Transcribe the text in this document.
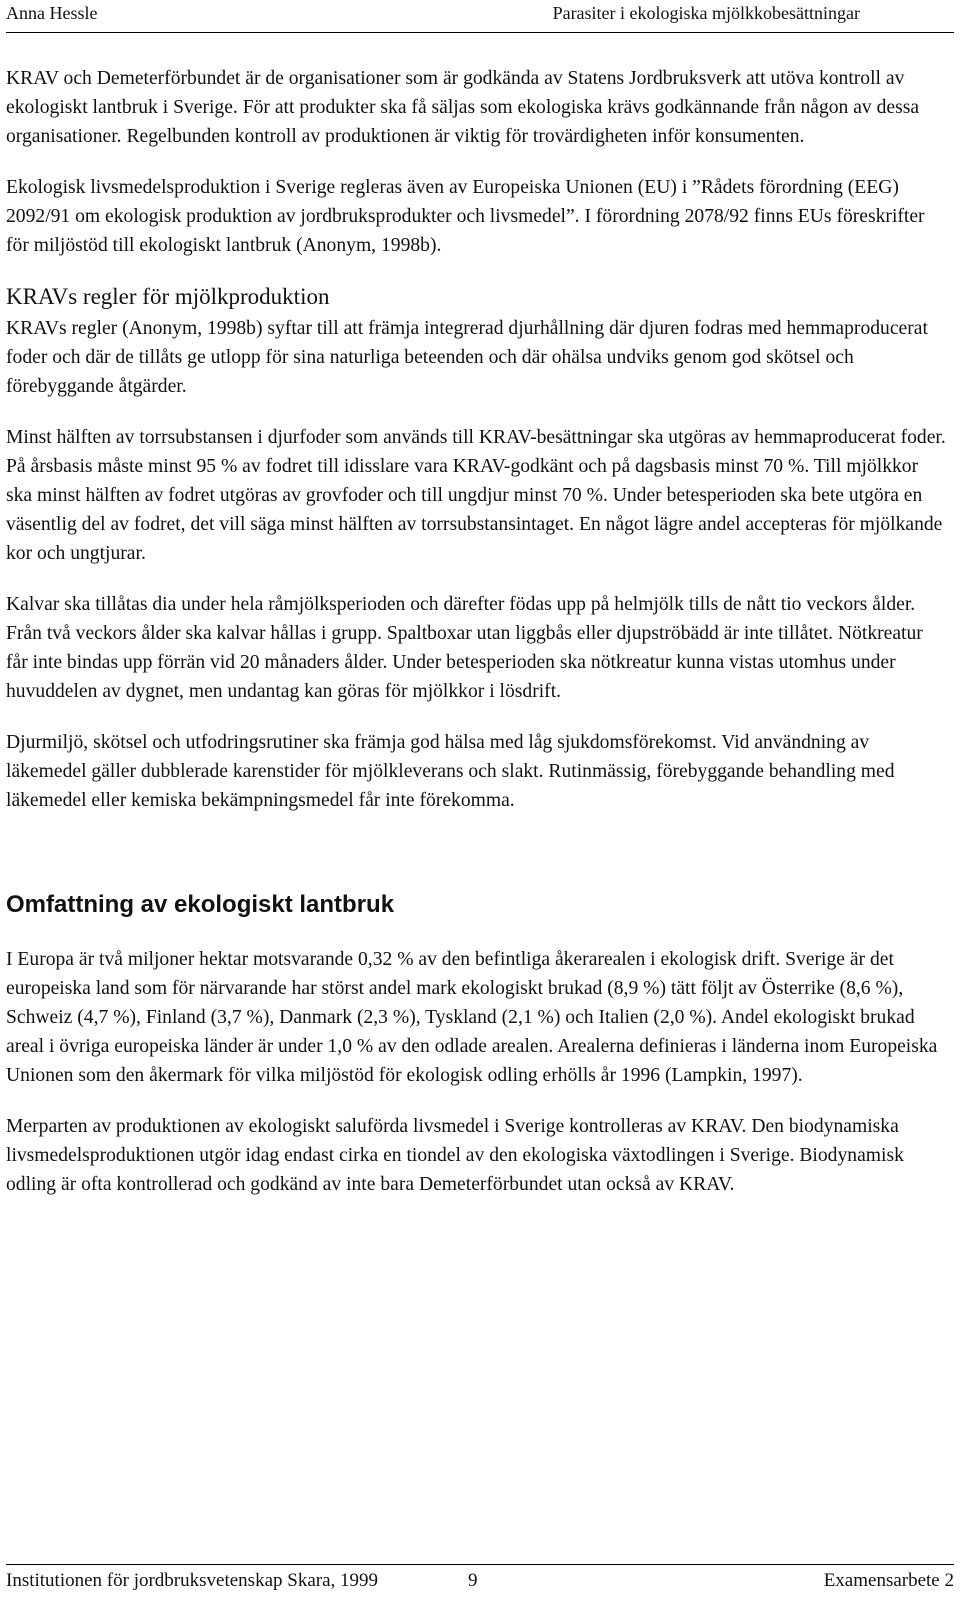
Anna Hessle	Parasiter i ekologiska mjölkkobesättningar

KRAV och Demeterförbundet är de organisationer som är godkända av Statens Jordbruksverk att utöva kontroll av ekologiskt lantbruk i Sverige. För att produkter ska få säljas som ekologiska krävs godkännande från någon av dessa organisationer. Regelbunden kontroll av produktionen är viktig för trovärdigheten inför konsumenten.

Ekologisk livsmedelsproduktion i Sverige regleras även av Europeiska Unionen (EU) i ”Rådets förordning (EEG) 2092/91 om ekologisk produktion av jordbruksprodukter och livsmedel”. I förordning 2078/92 finns EUs föreskrifter för miljöstöd till ekologiskt lantbruk (Anonym, 1998b).

KRAVs regler för mjölkproduktion

KRAVs regler (Anonym, 1998b) syftar till att främja integrerad djurhållning där djuren fodras med hemmaproducerat foder och där de tillåts ge utlopp för sina naturliga beteenden och där ohälsa undviks genom god skötsel och förebyggande åtgärder.

Minst hälften av torrsubstansen i djurfoder som används till KRAV-besättningar ska utgöras av hemmaproducerat foder. På årsbasis måste minst 95 % av fodret till idisslare vara KRAV-godkänt och på dagsbasis minst 70 %. Till mjölkkor ska minst hälften av fodret utgöras av grovfoder och till ungdjur minst 70 %. Under betesperioden ska bete utgöra en väsentlig del av fodret, det vill säga minst hälften av torrsubstansintaget. En något lägre andel accepteras för mjölkande kor och ungtjurar.

Kalvar ska tillåtas dia under hela råmjölksperioden och därefter födas upp på helmjölk tills de nått tio veckors ålder. Från två veckors ålder ska kalvar hållas i grupp. Spaltboxar utan liggbås eller djupströbädd är inte tillåtet. Nötkreatur får inte bindas upp förrän vid 20 månaders ålder. Under betesperioden ska nötkreatur kunna vistas utomhus under huvuddelen av dygnet, men undantag kan göras för mjölkkor i lösdrift.

Djurmiljö, skötsel och utfodringsrutiner ska främja god hälsa med låg sjukdomsförekomst. Vid användning av läkemedel gäller dubblerade karenstider för mjölkleverans och slakt. Rutinmässig, förebyggande behandling med läkemedel eller kemiska bekämpningsmedel får inte förekomma.

Omfattning av ekologiskt lantbruk

I Europa är två miljoner hektar motsvarande 0,32 % av den befintliga åkerarealen i ekologisk drift. Sverige är det europeiska land som för närvarande har störst andel mark ekologiskt brukad (8,9 %) tätt följt av Österrike (8,6 %), Schweiz (4,7 %), Finland (3,7 %), Danmark (2,3 %), Tyskland (2,1 %) och Italien (2,0 %). Andel ekologiskt brukad areal i övriga europeiska länder är under 1,0 % av den odlade arealen. Arealerna definieras i länderna inom Europeiska Unionen som den åkermark för vilka miljöstöd för ekologisk odling erhölls år 1996 (Lampkin, 1997).

Merparten av produktionen av ekologiskt saluförda livsmedel i Sverige kontrolleras av KRAV. Den biodynamiska livsmedelsproduktionen utgör idag endast cirka en tiondel av den ekologiska växtodlingen i Sverige. Biodynamisk odling är ofta kontrollerad och godkänd av inte bara Demeterförbundet utan också av KRAV.

Institutionen för jordbruksvetenskap Skara, 1999	9	Examensarbete 2
